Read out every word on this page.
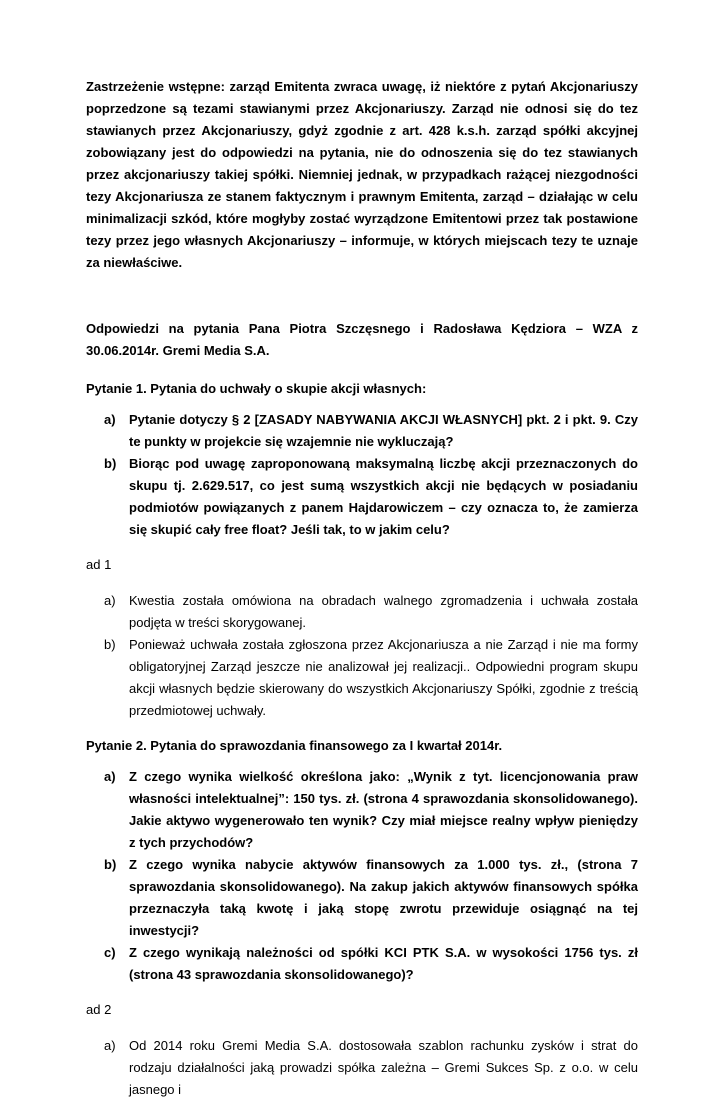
Zastrzeżenie wstępne: zarząd Emitenta zwraca uwagę, iż niektóre z pytań Akcjonariuszy poprzedzone są tezami stawianymi przez Akcjonariuszy. Zarząd nie odnosi się do tez stawianych przez Akcjonariuszy, gdyż zgodnie z art. 428 k.s.h. zarząd spółki akcyjnej zobowiązany jest do odpowiedzi na pytania, nie do odnoszenia się do tez stawianych przez akcjonariuszy takiej spółki. Niemniej jednak, w przypadkach rażącej niezgodności tezy Akcjonariusza ze stanem faktycznym i prawnym Emitenta, zarząd – działając w celu minimalizacji szkód, które mogłyby zostać wyrządzone Emitentowi przez tak postawione tezy przez jego własnych Akcjonariuszy – informuje, w których miejscach tezy te uznaje za niewłaściwe.

Odpowiedzi na pytania Pana Piotra Szczęsnego i Radosława Kędziora – WZA z 30.06.2014r. Gremi Media S.A.

Pytanie 1. Pytania do uchwały o skupie akcji własnych:

a)	Pytanie dotyczy § 2 [ZASADY NABYWANIA AKCJI WŁASNYCH] pkt. 2 i pkt. 9. Czy te punkty w projekcie się wzajemnie nie wykluczają?
b) Biorąc pod uwagę zaproponowaną maksymalną liczbę akcji przeznaczonych do skupu tj. 2.629.517, co jest sumą wszystkich akcji nie będących w posiadaniu podmiotów powiązanych z panem Hajdarowiczem – czy oznacza to, że zamierza się skupić cały free float? Jeśli tak, to w jakim celu?

ad 1

a)	Kwestia została omówiona na obradach walnego zgromadzenia i uchwała została podjęta w treści skorygowanej.
b)	Ponieważ uchwała została zgłoszona przez Akcjonariusza a nie Zarząd i nie ma formy obligatoryjnej Zarząd jeszcze nie analizował jej realizacji.. Odpowiedni program skupu akcji własnych będzie skierowany do wszystkich Akcjonariuszy Spółki, zgodnie z treścią przedmiotowej uchwały.

Pytanie 2. Pytania do sprawozdania finansowego za I kwartał 2014r.

a)	Z czego wynika wielkość określona jako: „Wynik z tyt. licencjonowania praw własności intelektualnej”: 150 tys. zł. (strona 4 sprawozdania skonsolidowanego). Jakie aktywo wygenerowało ten wynik? Czy miał miejsce realny wpływ pieniędzy z tych przychodów?
b) Z czego wynika nabycie aktywów finansowych za 1.000 tys. zł., (strona 7 sprawozdania skonsolidowanego). Na zakup jakich aktywów finansowych spółka przeznaczyła taką kwotę i jaką stopę zwrotu przewiduje osiągnąć na tej inwestycji?
c)	Z czego wynikają należności od spółki KCI PTK S.A. w wysokości 1756 tys. zł (strona 43 sprawozdania skonsolidowanego)?

ad 2

a)	Od 2014 roku Gremi Media S.A. dostosowała szablon rachunku zysków i strat do rodzaju działalności jaką prowadzi spółka zależna – Gremi Sukces Sp. z o.o. w celu jasnego i
